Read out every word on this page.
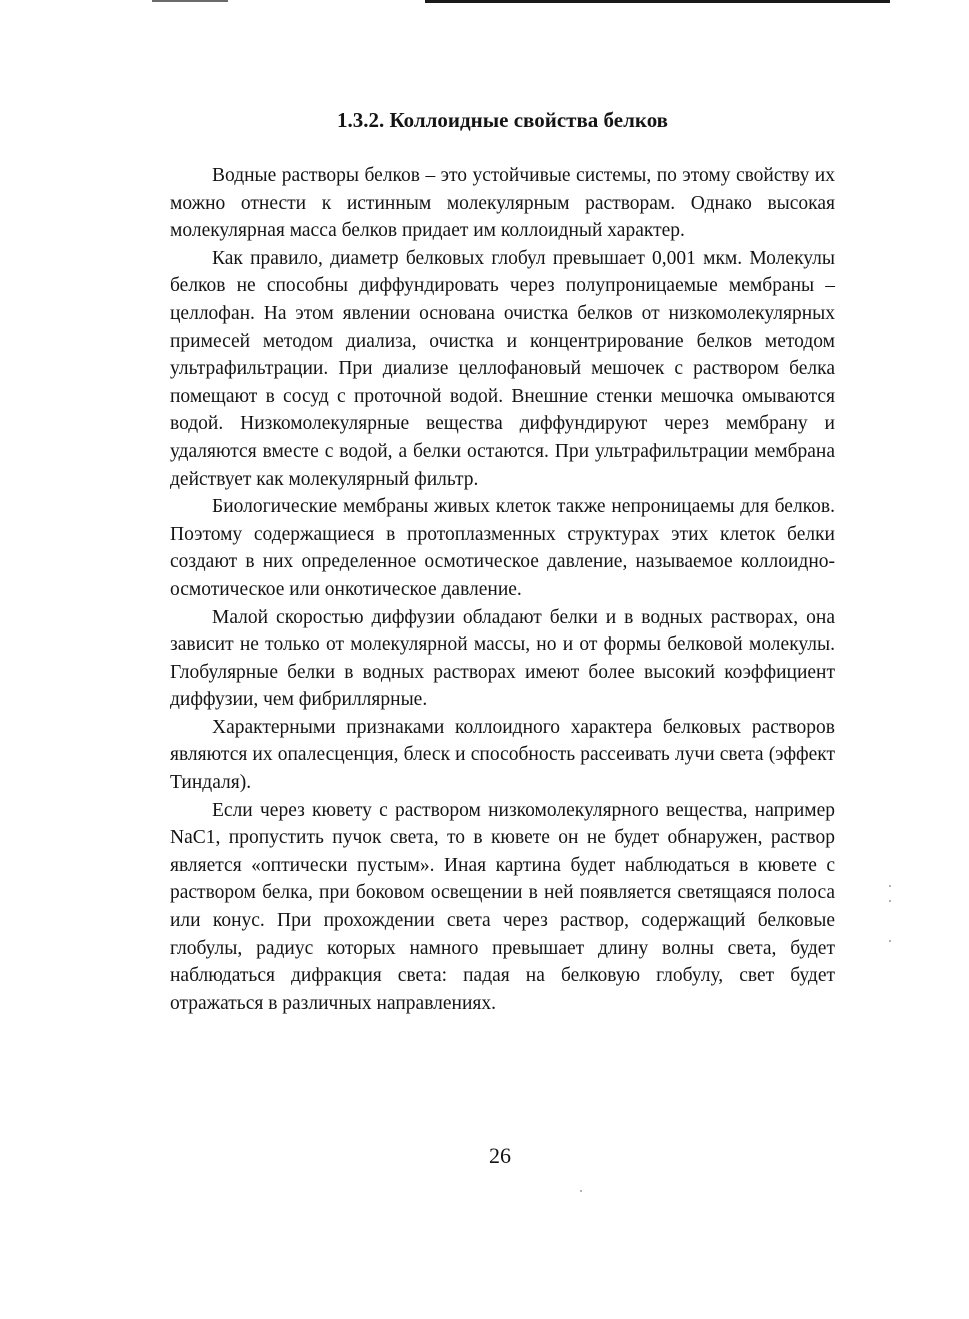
1.3.2. Коллоидные свойства белков

Водные растворы белков – это устойчивые системы, по этому свойству их можно отнести к истинным молекулярным растворам. Однако высокая молекулярная масса белков придает им коллоидный характер.

Как правило, диаметр белковых глобул превышает 0,001 мкм. Молекулы белков не способны диффундировать через полупроницаемые мембраны – целлофан. На этом явлении основана очистка белков от низкомолекулярных примесей методом диализа, очистка и концентрирование белков методом ультрафильтрации. При диализе целлофановый мешочек с раствором белка помещают в сосуд с проточной водой. Внешние стенки мешочка омываются водой. Низкомолекулярные вещества диффундируют через мембрану и удаляются вместе с водой, а белки остаются. При ультрафильтрации мембрана действует как молекулярный фильтр.

Биологические мембраны живых клеток также непроницаемы для белков. Поэтому содержащиеся в протоплазменных структурах этих клеток белки создают в них определенное осмотическое давление, называемое коллоидно-осмотическое или онкотическое давление.

Малой скоростью диффузии обладают белки и в водных растворах, она зависит не только от молекулярной массы, но и от формы белковой молекулы. Глобулярные белки в водных растворах имеют более высокий коэффициент диффузии, чем фибриллярные.

Характерными признаками коллоидного характера белковых растворов являются их опалесценция, блеск и способность рассеивать лучи света (эффект Тиндаля).

Если через кювету с раствором низкомолекулярного вещества, например NaC1, пропустить пучок света, то в кювете он не будет обнаружен, раствор является «оптически пустым». Иная картина будет наблюдаться в кювете с раствором белка, при боковом освещении в ней появляется светящаяся полоса или конус. При прохождении света через раствор, содержащий белковые глобулы, радиус которых намного превышает длину волны света, будет наблюдаться дифракция света: падая на белковую глобулу, свет будет отражаться в различных направлениях.

26
